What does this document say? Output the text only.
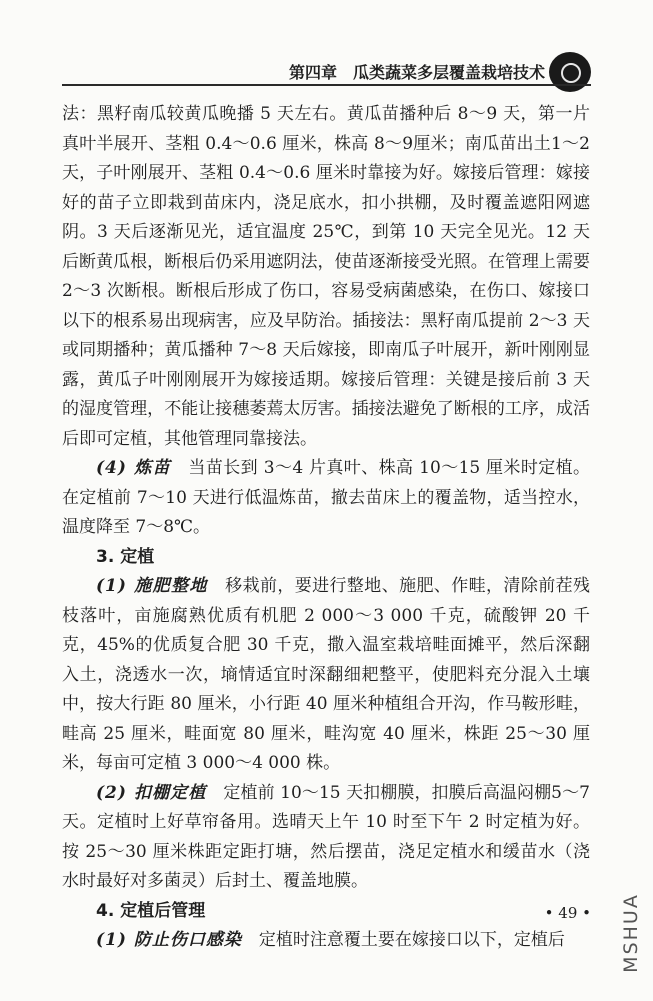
第四章　瓜类蔬菜多层覆盖栽培技术

法：黑籽南瓜较黄瓜晚播 5 天左右。黄瓜苗播种后 8～9 天，第一片真叶半展开、茎粗 0.4～0.6 厘米，株高 8～9厘米；南瓜苗出土1～2 天，子叶刚展开、茎粗 0.4～0.6 厘米时靠接为好。嫁接后管理：嫁接好的苗子立即栽到苗床内，浇足底水，扣小拱棚，及时覆盖遮阳网遮阴。3 天后逐渐见光，适宜温度 25℃，到第 10 天完全见光。12 天后断黄瓜根，断根后仍采用遮阴法，使苗逐渐接受光照。在管理上需要 2～3 次断根。断根后形成了伤口，容易受病菌感染，在伤口、嫁接口以下的根系易出现病害，应及早防治。插接法：黑籽南瓜提前 2～3 天或同期播种；黄瓜播种 7～8 天后嫁接，即南瓜子叶展开，新叶刚刚显露，黄瓜子叶刚刚展开为嫁接适期。嫁接后管理：关键是接后前 3 天的湿度管理，不能让接穗萎蔫太厉害。插接法避免了断根的工序，成活后即可定植，其他管理同靠接法。

(4) 炼苗　当苗长到 3～4 片真叶、株高 10～15 厘米时定植。在定植前 7～10 天进行低温炼苗，撤去苗床上的覆盖物，适当控水，温度降至 7～8℃。

3. 定植

(1) 施肥整地　移栽前，要进行整地、施肥、作畦，清除前茬残枝落叶，亩施腐熟优质有机肥 2 000～3 000 千克，硫酸钾 20 千克，45%的优质复合肥 30 千克，撒入温室栽培畦面摊平，然后深翻入土，浇透水一次，墒情适宜时深翻细耙整平，使肥料充分混入土壤中，按大行距 80 厘米，小行距 40 厘米种植组合开沟，作马鞍形畦，畦高 25 厘米，畦面宽 80 厘米，畦沟宽 40 厘米，株距 25～30 厘米，每亩可定植 3 000～4 000 株。

(2) 扣棚定植　定植前 10～15 天扣棚膜，扣膜后高温闷棚5～7 天。定植时上好草帘备用。选晴天上午 10 时至下午 2 时定植为好。按 25～30 厘米株距定距打塘，然后摆苗，浇足定植水和缓苗水（浇水时最好对多菌灵）后封土、覆盖地膜。

4. 定植后管理

(1) 防止伤口感染　定植时注意覆土要在嫁接口以下，定植后

• 49 • MSHUA
